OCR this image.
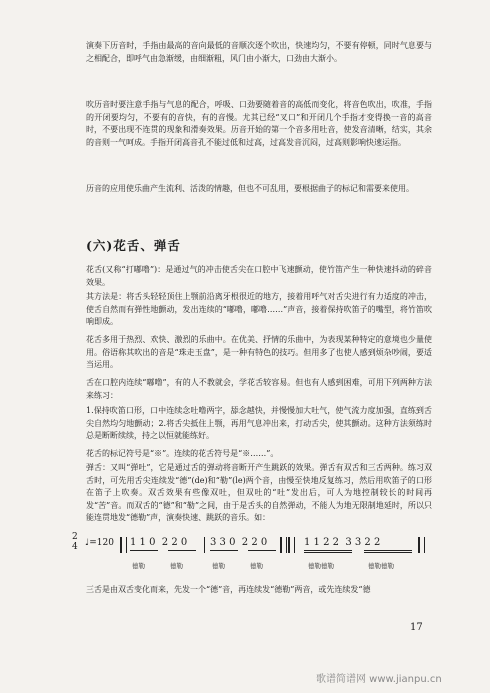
演奏下历音时，手指由最高的音向最低的音顺次逐个吹出，快速均匀，不要有停顿，同时气息要与之相配合，即呼气由急渐缓，由细渐粗，风门由小渐大，口劲由大渐小。

吹历音时要注意手指与气息的配合，呼吸、口劲要随着音的高低而变化，将音色吹出，吹准，手指的开闭要均匀，不要有的音快，有的音慢。尤其已经“叉口”和开闭几个手指才变得换一音的高音时，不要出现不连贯的现象和滑奏效果。历音开始的第一个音多用吐音，使发音清晰，结实，其余的音则一气呵成。手指开闭高音孔不能过低和过高，过高发音沉闷，过高则影响快速运指。

历音的应用使乐曲产生流利、活泼的情趣，但也不可乱用，要根据曲子的标记和需要来使用。

(六)花舌、弹舌

花舌(又称“打嘟噜”)：是通过气的冲击使舌尖在口腔中飞速颤动，使竹笛产生一种快速抖动的碎音效果。

其方法是：将舌头轻轻顶住上颚前沿离牙根很近的地方，接着用呼气对舌尖进行有力适度的冲击，使舌自然而有弹性地颤动，发出连续的“嘟噜，嘟噜……”声音，接着保持吹笛子的嘴型，将竹笛吹响即成。

花舌多用于热烈、欢快、激烈的乐曲中。在优美、抒情的乐曲中，为表现某种特定的意境也少量使用。俗语称其吹出的音是“珠走玉盘”，是一种有特色的技巧。但用多了也使人感到烦杂吵闹，要适当运用。

舌在口腔内连续“嘟噜”，有的人不教就会，学花舌较容易。但也有人感到困难，可用下列两种方法来练习：

1.保持吹笛口形，口中连续念吐噜两字，舔念越快，并慢慢加大吐气，使气流力度加强，直练到舌尖自然均匀地颤动；2.将舌尖抵住上颚，再用气息冲出来，打动舌尖，使其颤动。这种方法须练时总是断断续续，持之以恒就能练好。

花舌的标记符号是“※”。连续的花舌符号是“※……”。

弹舌：又叫“弹吐”，它是通过舌的弹动将音断开产生跳跃的效果。弹舌有双舌和三舌两种。练习双舌时，可先用舌尖连续发“德”(de)和“勒”(le)两个音，由慢至快地反复练习，然后用吹笛子的口形在笛子上吹奏。双舌效果有些像双吐，但双吐的“吐”发出后，可人为地控制较长的时间再发“苦”音。而双舌的“德”和“勒”之间，由于是舌头的自然弹动，不能人为地无限制地延时，所以只能连贯地发“德勒”声，演奏快速、跳跃的音乐。如：

2
4 ♩=120 1 1 0  2 2 0 3 3 0  2 2 0	1 1 2 2  3 3 2 2
德勒	德勒	德勒	德勒	德勒德勒	德勒德勒

三舌是由双舌变化而来，先发一个“德”音，再连续发“德勒”两音，或先连续发“德

17
歌谱简谱网 www.jianpu.cn
